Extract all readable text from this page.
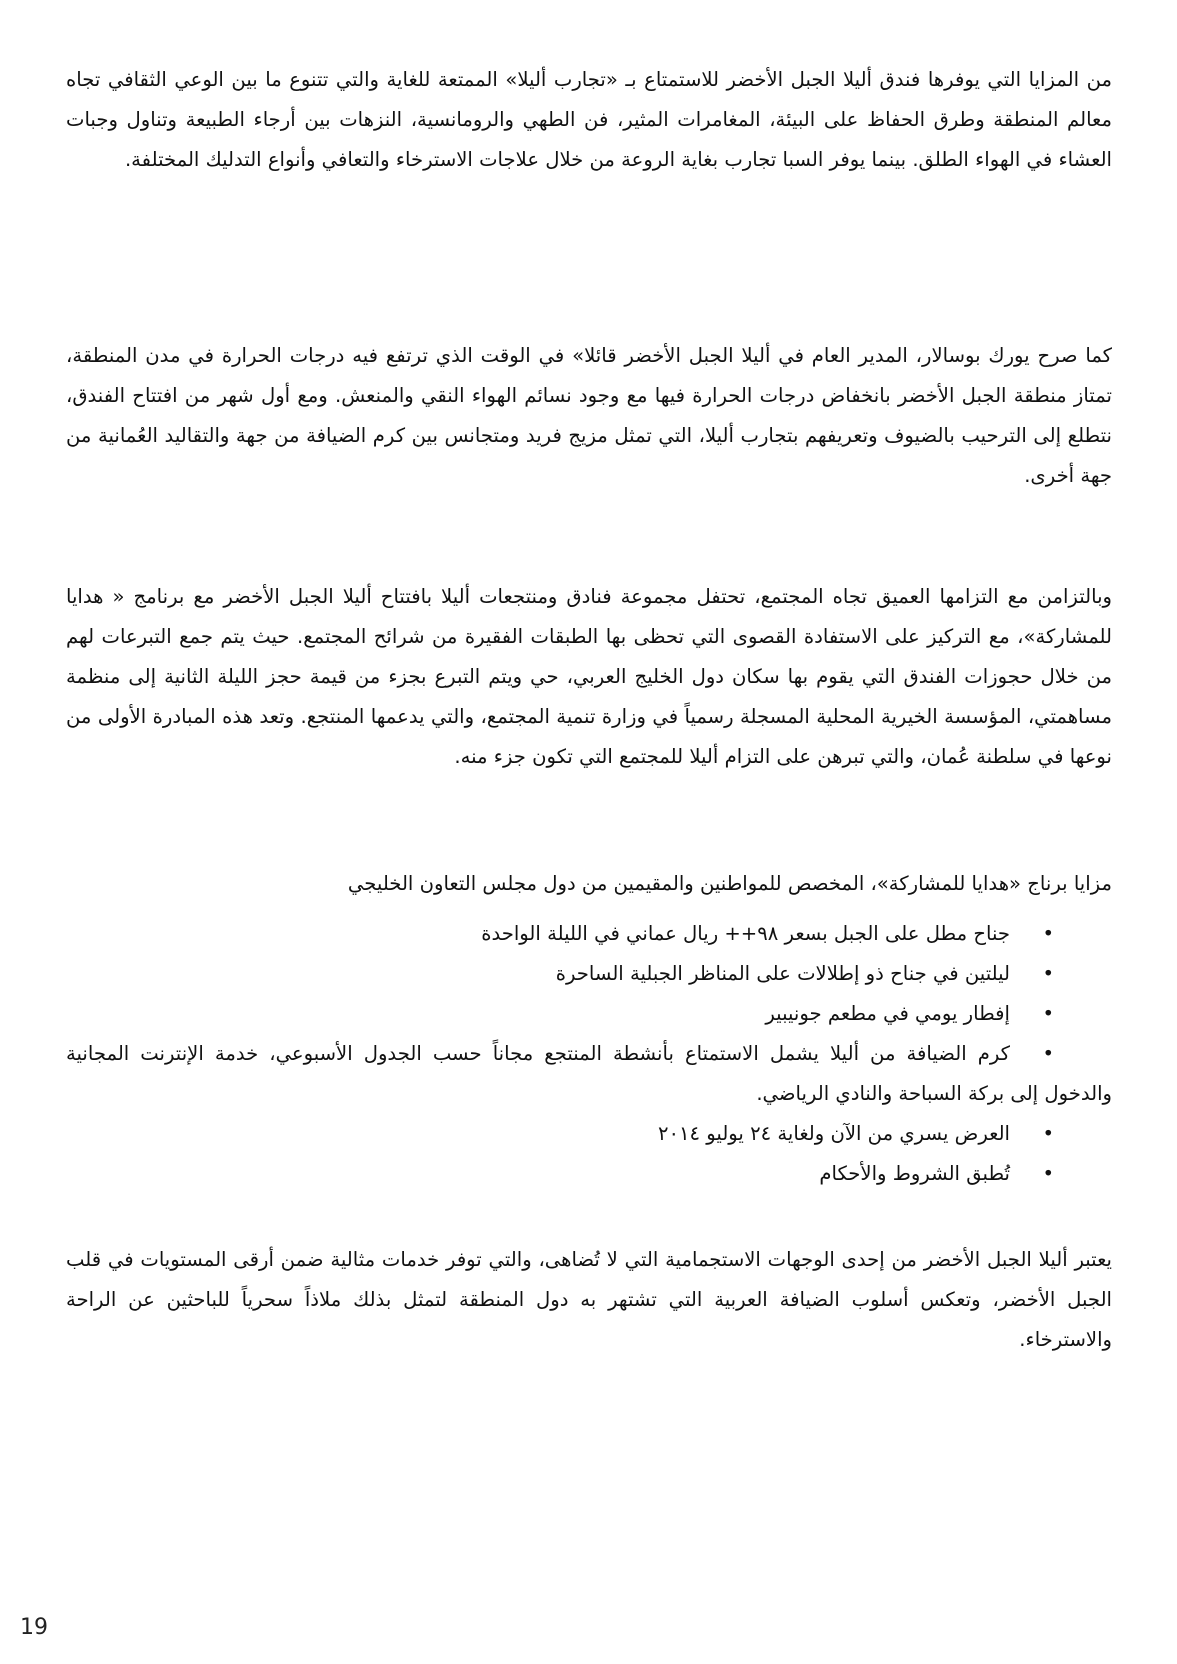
من المزايا التي يوفرها فندق أليلا الجبل الأخضر للاستمتاع بـ «تجارب أليلا» الممتعة للغاية والتي تتنوع ما بين الوعي الثقافي تجاه معالم المنطقة وطرق الحفاظ على البيئة، المغامرات المثير، فن الطهي والرومانسية، النزهات بين أرجاء الطبيعة وتناول وجبات العشاء في الهواء الطلق. بينما يوفر السبا تجارب بغاية الروعة من خلال علاجات الاسترخاء والتعافي وأنواع التدليك المختلفة.

كما صرح يورك بوسالار، المدير العام في أليلا الجبل الأخضر قائلا» في الوقت الذي ترتفع فيه درجات الحرارة في مدن المنطقة، تمتاز منطقة الجبل الأخضر بانخفاض درجات الحرارة فيها مع وجود نسائم الهواء النقي والمنعش. ومع أول شهر من افتتاح الفندق، نتطلع إلى الترحيب بالضيوف وتعريفهم بتجارب أليلا، التي تمثل مزيج فريد ومتجانس بين كرم الضيافة من جهة والتقاليد العُمانية من جهة أخرى.

وبالتزامن مع التزامها العميق تجاه المجتمع، تحتفل مجموعة فنادق ومنتجعات أليلا بافتتاح أليلا الجبل الأخضر مع برنامج « هدايا للمشاركة»، مع التركيز على الاستفادة القصوى التي تحظى بها الطبقات الفقيرة من شرائح المجتمع. حيث يتم جمع التبرعات لهم من خلال حجوزات الفندق التي يقوم بها سكان دول الخليج العربي، حي ويتم التبرع بجزء من قيمة حجز الليلة الثانية إلى منظمة مساهمتي، المؤسسة الخيرية المحلية المسجلة رسمياً في وزارة تنمية المجتمع، والتي يدعمها المنتجع. وتعد هذه المبادرة الأولى من نوعها في سلطنة عُمان، والتي تبرهن على التزام أليلا للمجتمع التي تكون جزء منه.

مزايا برناج «هدايا للمشاركة»، المخصص للمواطنين والمقيمين من دول مجلس التعاون الخليجي

•
جناح مطل على الجبل بسعر ٩٨++ ريال عماني في الليلة الواحدة
•
ليلتين في جناح ذو إطلالات على المناظر الجبلية الساحرة
•
إفطار يومي في مطعم جونيبير
•
كرم الضيافة من أليلا يشمل الاستمتاع بأنشطة المنتجع مجاناً حسب الجدول الأسبوعي، خدمة الإنترنت المجانية والدخول إلى بركة السباحة والنادي الرياضي.
•
العرض يسري من الآن ولغاية ٢٤ يوليو ٢٠١٤
•
تُطبق الشروط والأحكام

يعتبر أليلا الجبل الأخضر من إحدى الوجهات الاستجمامية التي لا تُضاهى، والتي توفر خدمات مثالية ضمن أرقى المستويات في قلب الجبل الأخضر، وتعكس أسلوب الضيافة العربية التي تشتهر به دول المنطقة لتمثل بذلك ملاذاً سحرياً للباحثين عن الراحة والاسترخاء.

19
